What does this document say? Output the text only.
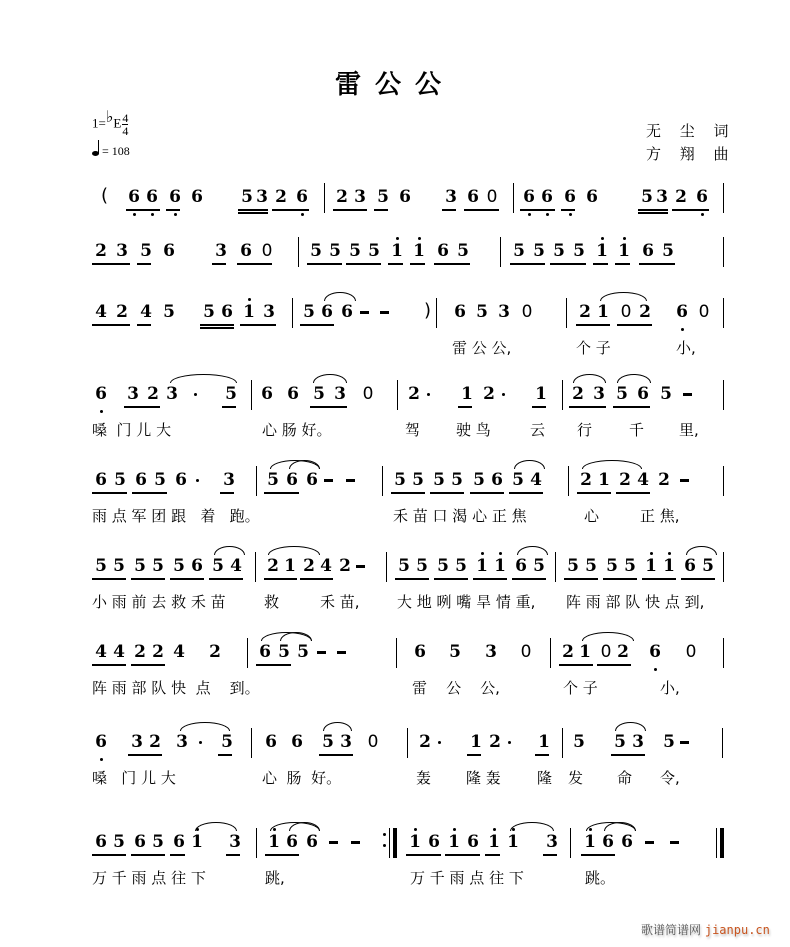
雷公公
1=♭E $\frac{4}{4}$
= 108
无 尘 词
方 翔 曲
( 6 6 6 6 5 3 2 6 2 3 5 6 3 6 0 6 6 6 6	5 3 2 6
2 3 5 6 3 6 0 5 5 5 5 1 1 6 5	5 5 5 5 1 1 6 5
4 2 4 5 5 6 1 3 5 6 6	) 6 5 3 0	2 1 0 2 6 0
雷 公 公,	个 子	小,
6 3 2 3	5 6 6 5 3 0 2 1 2 1 2 3 5 6 5
嗓  门 儿 大	心 肠 好。	驾 驶 鸟	云 行 千 里,
6 5 6 5 6 3 5 6 6	5 5 5 5 5 6 5 4 2 1 2 4 2
雨 点 军 团 跟   着   跑。	禾 苗 口 渴 心 正 焦	心	正 焦,
5 5 5 5 5 6 5 4 2 1 2 4 2	5 5 5 5 1 1 6 5 5 5 5 5 1 1 6 5
小 雨 前 去 救 禾 苗	救	禾 苗, 大 地 咧 嘴 旱 情 重, 阵 雨 部 队 快 点 到,
4 4 2 2 4 2 6 5 5	6 5 3 0 2 1 0 2 6 0
阵 雨 部 队 快  点    到。	雷    公    公,	个 子	小,
6 3 2 3 5 6 6 5 3 0 2 1 2 1 5 5 3 5
嗓   门 儿 大	心  肠  好。	轰 隆 轰 隆 发 命 令,
6 5 6 5 6 1 3 1 6 6	1 6 1 6 1 1 3 1 6 6
万 千 雨 点 往 下	跳,	万 千 雨 点 往 下	跳。
歌谱简谱网 jianpu.cn
